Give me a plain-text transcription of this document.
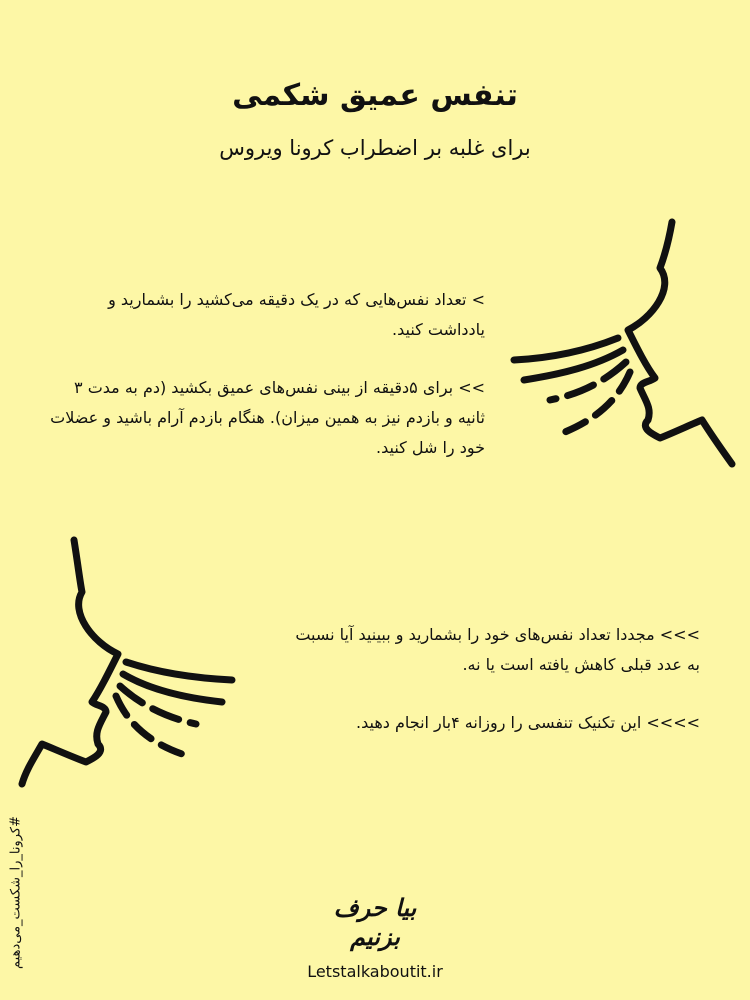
تنفس عمیق شکمی
برای غلبه بر اضطراب کرونا ویروس
> تعداد نفس‌هایی که در یک دقیقه می‌کشید را بشمارید و یادداشت کنید.
>> برای ۵دقیقه از بینی نفس‌های عمیق بکشید (دم به مدت ۳ ثانیه و بازدم نیز به همین میزان). هنگام بازدم آرام باشید و عضلات خود را شل کنید.
>>> مجددا تعداد نفس‌های خود را بشمارید و ببینید آیا نسبت به عدد قبلی کاهش یافته است یا نه.
>>>> این تکنیک تنفسی را روزانه ۴بار انجام دهید.
#کرونا_را_شکست_می‌دهیم	بیا حرف بزنیم
Letstalkaboutit.ir
